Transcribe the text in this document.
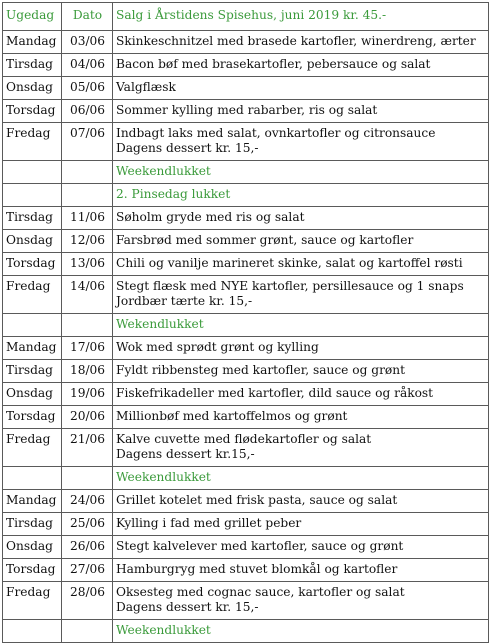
Ugedag	Dato	Salg i Årstidens Spisehus, juni 2019 kr. 45.-
Mandag	03/06	Skinkeschnitzel med brasede kartofler, winerdreng, ærter

Tirsdag	04/06	Bacon bøf med brasekartofler, pebersauce og salat

Onsdag	05/06	Valgflæsk

Torsdag	06/06	Sommer kylling med rabarber, ris og salat

Fredag	07/06	Indbagt laks med salat, ovnkartofler og citronsauce
Dagens dessert kr. 15,-

		Weekendlukket
		2. Pinsedag lukket
Tirsdag	11/06	Søholm gryde med ris og salat

Onsdag	12/06	Farsbrød med sommer grønt, sauce og kartofler

Torsdag	13/06	Chili og vanilje marineret skinke, salat og kartoffel røsti

Fredag	14/06	Stegt flæsk med NYE kartofler, persillesauce og 1 snaps
Jordbær tærte kr. 15,-

		Wekendlukket
Mandag	17/06	Wok med sprødt grønt og kylling

Tirsdag	18/06	Fyldt ribbensteg med kartofler, sauce og grønt

Onsdag	19/06	Fiskefrikadeller med kartofler, dild sauce og råkost

Torsdag	20/06	Millionbøf med kartoffelmos og grønt

Fredag	21/06	Kalve cuvette med flødekartofler og salat
Dagens dessert kr.15,-

		Weekendlukket
Mandag	24/06	Grillet kotelet med frisk pasta, sauce og salat

Tirsdag	25/06	Kylling i fad med grillet peber

Onsdag	26/06	Stegt kalvelever med kartofler, sauce og grønt

Torsdag	27/06	Hamburgryg med stuvet blomkål og kartofler

Fredag	28/06	Oksesteg med cognac sauce, kartofler og salat
Dagens dessert kr. 15,-

		Weekendlukket
